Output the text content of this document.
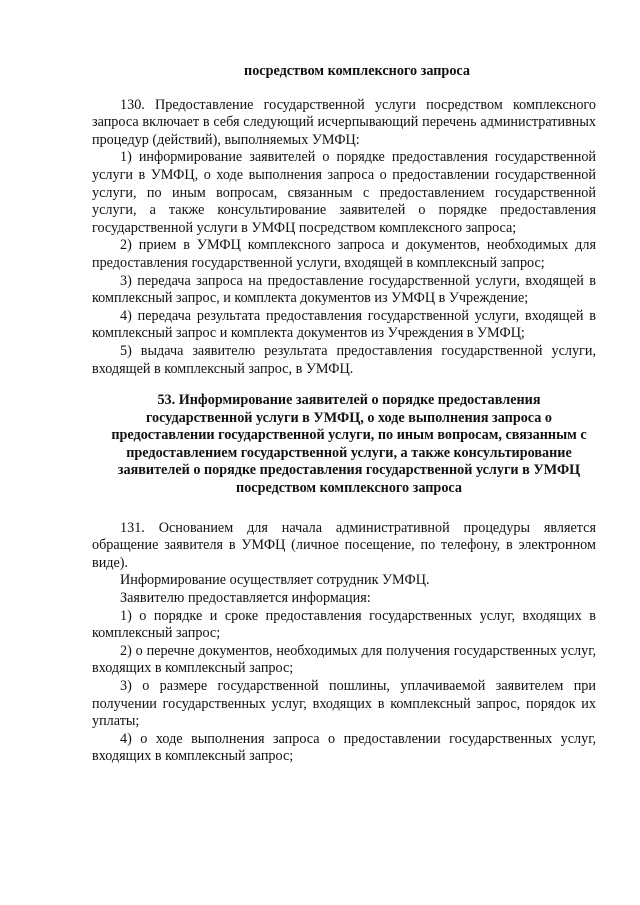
посредством комплексного запроса

130. Предоставление государственной услуги посредством комплексного запроса включает в себя следующий исчерпывающий перечень административных процедур (действий), выполняемых УМФЦ:

1) информирование заявителей о порядке предоставления государственной услуги в УМФЦ, о ходе выполнения запроса о предоставлении государственной услуги, по иным вопросам, связанным с предоставлением государственной услуги, а также консультирование заявителей о порядке предоставления государственной услуги в УМФЦ посредством комплексного запроса;

2) прием в УМФЦ комплексного запроса и документов, необходимых для предоставления государственной услуги, входящей в комплексный запрос;

3) передача запроса на предоставление государственной услуги, входящей в комплексный запрос, и комплекта документов из УМФЦ в Учреждение;

4) передача результата предоставления государственной услуги, входящей в комплексный запрос и комплекта документов из Учреждения в УМФЦ;

5) выдача заявителю результата предоставления государственной услуги, входящей в комплексный запрос, в УМФЦ.

53. Информирование заявителей о порядке предоставления государственной услуги в УМФЦ, о ходе выполнения запроса о предоставлении государственной услуги, по иным вопросам, связанным с предоставлением государственной услуги, а также консультирование заявителей о порядке предоставления государственной услуги в УМФЦ посредством комплексного запроса

131. Основанием для начала административной процедуры является обращение заявителя в УМФЦ (личное посещение, по телефону, в электронном виде).

Информирование осуществляет сотрудник УМФЦ.

Заявителю предоставляется информация:

1) о порядке и сроке предоставления государственных услуг, входящих в комплексный запрос;

2) о перечне документов, необходимых для получения государственных услуг, входящих в комплексный запрос;

3) о размере государственной пошлины, уплачиваемой заявителем при получении государственных услуг, входящих в комплексный запрос, порядок их уплаты;

4) о ходе выполнения запроса о предоставлении государственных услуг, входящих в комплексный запрос;
